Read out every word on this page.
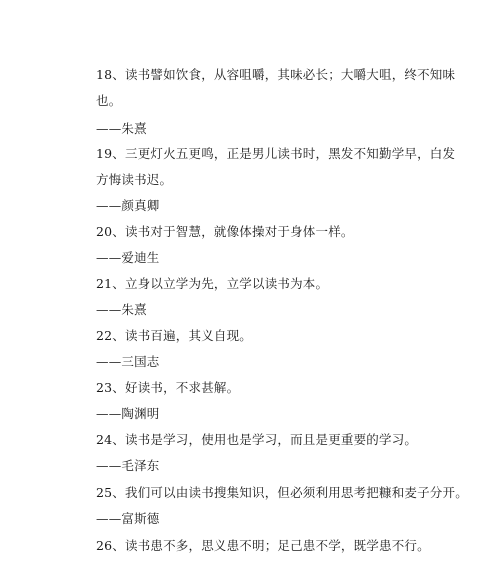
18、读书譬如饮食，从容咀嚼，其味必长；大嚼大咀，终不知味
也。
——朱熹
19、三更灯火五更鸣，正是男儿读书时，黑发不知勤学早，白发
方悔读书迟。
——颜真卿
20、读书对于智慧，就像体操对于身体一样。
——爱迪生
21、立身以立学为先，立学以读书为本。
——朱熹
22、读书百遍，其义自现。
——三国志
23、好读书，不求甚解。
——陶渊明
24、读书是学习，使用也是学习，而且是更重要的学习。
——毛泽东
25、我们可以由读书搜集知识，但必须利用思考把糠和麦子分开。
——富斯德
26、读书患不多，思义患不明；足己患不学，既学患不行。
